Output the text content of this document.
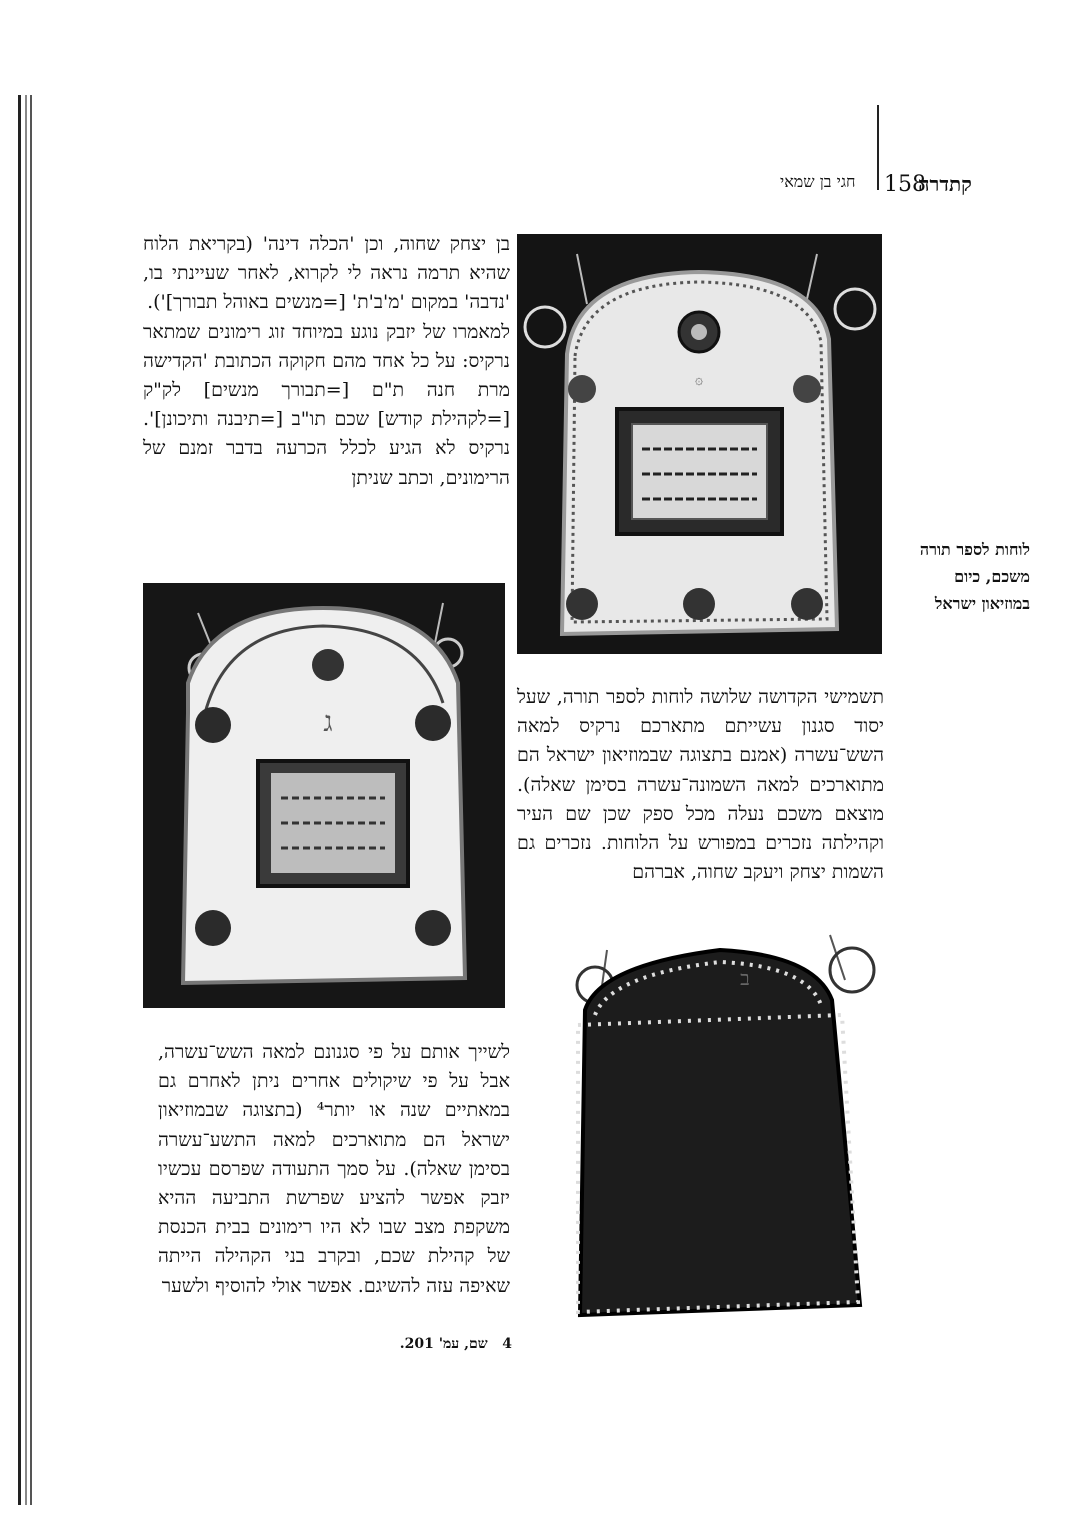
קתדרה
158
חגי בן שמאי

בן יצחק שחוה, וכן 'הכלה דינה' (בקריאת הלוח שהיא תרמה נראה לי לקרוא, לאחר שעיינתי בו, 'נדבה' במקום 'מ'ב'ת' [=מנשים באוהל תבורך]').

למאמרו של יזבק נוגע במיוחד זוג רימונים שמתאר נרקיס: על כל אחד מהם חקוקה הכתובת 'הקדישה מרת חנה ת"ם [=תבורך מנשים] לק"ק [=לקהילת קודש] שכם תו"ב [=תיבנה ותיכונן]'. נרקיס לא הגיע לכלל הכרעה בדבר זמנם של הרימונים, וכתב שניתן

۞
לוחות לספר תורה
משכם, כיום
במוזיאון ישראל
ג

תשמישי הקדושה שלושה לוחות לספר תורה, שעל יסוד סגנון עשייתם מתארכם נרקיס למאה השש־עשרה (אמנם בתצוגה שבמוזיאון ישראל הם מתוארכים למאה השמונה־עשרה בסימן שאלה). מוצאם משכם נעלה מכל ספק שכן שם העיר וקהילתה נזכרים במפורש על הלוחות. נזכרים גם השמות יצחק ויעקב שחוה, אברהם

ב

לשייך אותם על פי סגנונם למאה השש־עשרה, אבל על פי שיקולים אחרים ניתן לאחרם גם במאתיים שנה או יותר⁴ (בתצוגה שבמוזיאון ישראל הם מתוארכים למאה התשע־עשרה בסימן שאלה). על סמך התעודה שפרסם עכשיו יזבק אפשר להציע שפרשת התביעה ההיא משקפת מצב שבו לא היו רימונים בבית הכנסת של קהילת שכם, ובקרב בני הקהילה הייתה שאיפה עזה להשיגם. אפשר אולי להוסיף ולשער

4   שם, עמ' 201.
